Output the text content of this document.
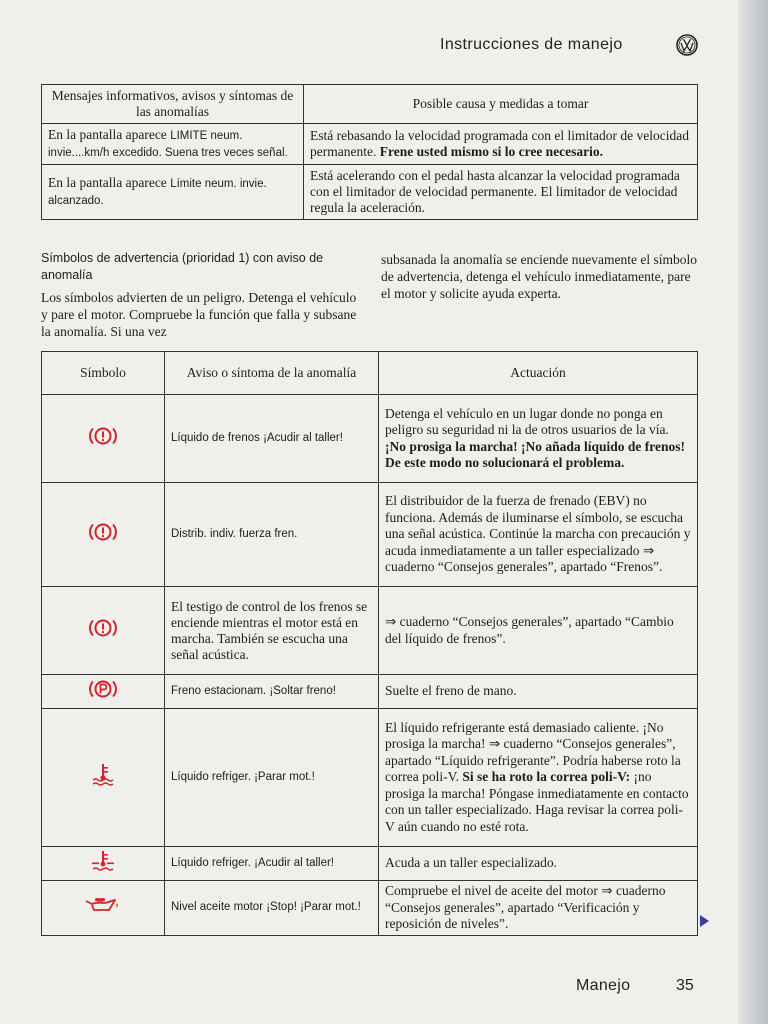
Instrucciones de manejo
Mensajes informativos, avisos y síntomas de las anomalías	Posible causa y medidas a tomar
En la pantalla aparece LIMITE neum. invie....km/h excedido. Suena tres veces señal.	Está rebasando la velocidad programada con el limitador de velocidad permanente. Frene usted mismo si lo cree necesario.
En la pantalla aparece Límite neum. invie. alcanzado.	Está acelerando con el pedal hasta alcanzar la velocidad programada con el limitador de velocidad permanente. El limitador de velocidad regula la aceleración.
Símbolos de advertencia (prioridad 1) con aviso de anomalía
Los símbolos advierten de un peligro. Detenga el vehículo y pare el motor. Compruebe la función que falla y subsane la anomalía. Si una vez
subsanada la anomalía se enciende nuevamente el símbolo de advertencia, detenga el vehículo inmediatamente, pare el motor y solicite ayuda experta.
Símbolo	Aviso o síntoma de la anomalía	Actuación
	Líquido de frenos ¡Acudir al taller!	Detenga el vehículo en un lugar donde no ponga en peligro su seguridad ni la de otros usuarios de la vía. ¡No prosiga la marcha! ¡No añada líquido de frenos! De este modo no solucionará el problema.
	Distrib. indiv. fuerza fren.	El distribuidor de la fuerza de frenado (EBV) no funciona. Además de iluminarse el símbolo, se escucha una señal acústica. Continúe la marcha con precaución y acuda inmediatamente a un taller especializado ⇒ cuaderno “Consejos generales”, apartado “Frenos”.
	El testigo de control de los frenos se enciende mientras el motor está en marcha. También se escucha una señal acústica.	⇒ cuaderno “Consejos generales”, apartado “Cambio del líquido de frenos”.
	Freno estacionam. ¡Soltar freno!	Suelte el freno de mano.
	Líquido refriger. ¡Parar mot.!	El líquido refrigerante está demasiado caliente. ¡No prosiga la marcha! ⇒ cuaderno “Consejos generales”, apartado “Líquido refrigerante”. Podría haberse roto la correa poli-V. Si se ha roto la correa poli-V: ¡no prosiga la marcha! Póngase inmediatamente en contacto con un taller especializado. Haga revisar la correa poli-V aún cuando no esté rota.
	Líquido refriger. ¡Acudir al taller!	Acuda a un taller especializado.
	Nivel aceite motor ¡Stop! ¡Parar mot.!	Compruebe el nivel de aceite del motor ⇒ cuaderno “Consejos generales”, apartado “Verificación y reposición de niveles”.
Manejo	35
